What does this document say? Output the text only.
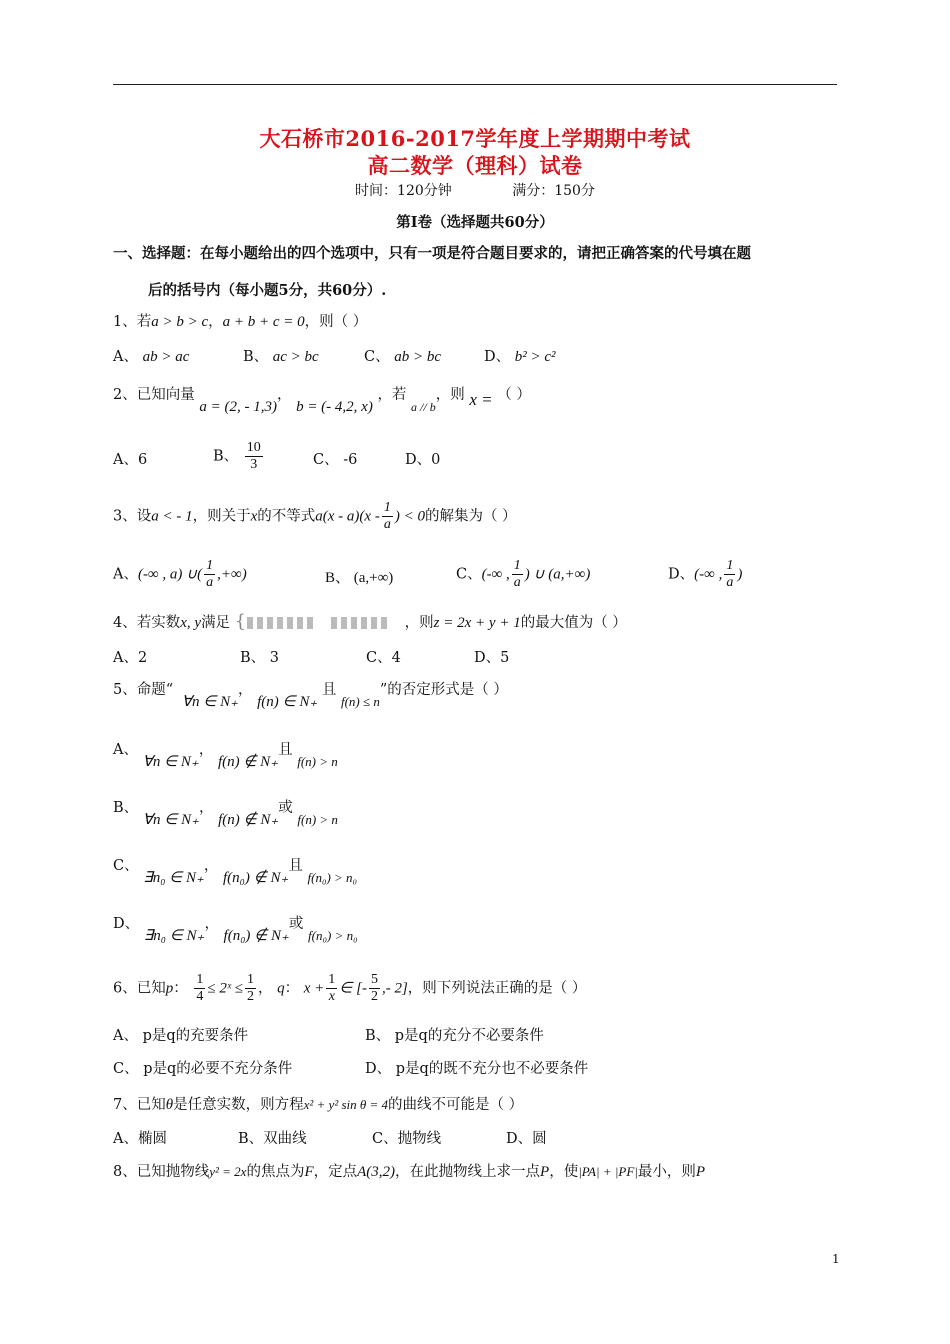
大石桥市2016-2017学年度上学期期中考试
高二数学（理科）试卷
时间：120分钟	满分：150分
第Ⅰ卷（选择题共60分）
一、选择题：在每小题给出的四个选项中，只有一项是符合题目要求的，请把正确答案的代号填在题
后的括号内（每小题5分，共60分）.
1、若a > b > c，a + b + c = 0，则（ ）
A、 ab > ac	B、 ac > bc	C、 ab > bc	D、 b² > c²
2、已知向量 a = (2, - 1,3)， b = (- 4,2, x) ，若 $_{a // b}$，则 x = （ ）
A、6	B、 $\frac{10}{3}$	C、 -6	D、0
3、设a < - 1，则关于x的不等式$a(x - a)(x - \frac{1}{a}$ ) < 0的解集为（ ）
A、(-∞ , a) ∪( $\frac{1}{a}$ ,+∞)	B、 (a,+∞)	C、(-∞ , $\frac{1}{a}$ ) ∪ (a,+∞)	D、(-∞ , $\frac{1}{a}$ )
4、若实数x, y满足 {	，则z = 2x + y + 1的最大值为（ ）
A、2	B、 3	C、4	D、5
5、命题“ ∀n ∈ N₊， f(n) ∈ N₊ 且 f(n) ≤ n”的否定形式是（ ）
A、 ∀n ∈ N₊， f(n) ∉ N₊且 f(n) > n
B、 ∀n ∈ N₊， f(n) ∉ N₊或 f(n) > n
C、 ∃n₀ ∈ N₊， f(n₀) ∉ N₊且 f(n₀) > n₀
D、 ∃n₀ ∈ N₊， f(n₀) ∉ N₊或 f(n₀) > n₀
6、已知p： $\frac{1}{4}$ ≤ 2ˣ ≤ $\frac{1}{2}$ ， q： $x + \frac{1}{x}$ ∈ [- $\frac{5}{2}$ ,- 2]，则下列说法正确的是（ ）
A、 p是q的充要条件	B、 p是q的充分不必要条件
C、 p是q的必要不充分条件	D、 p是q的既不充分也不必要条件
7、已知θ是任意实数，则方程x² + y² sin θ = 4的曲线不可能是（ ）
A、椭圆	B、双曲线	C、抛物线	D、圆
8、已知抛物线y² = 2x的焦点为F，定点A(3,2)，在此抛物线上求一点P，使|PA| + |PF|最小，则P
1
